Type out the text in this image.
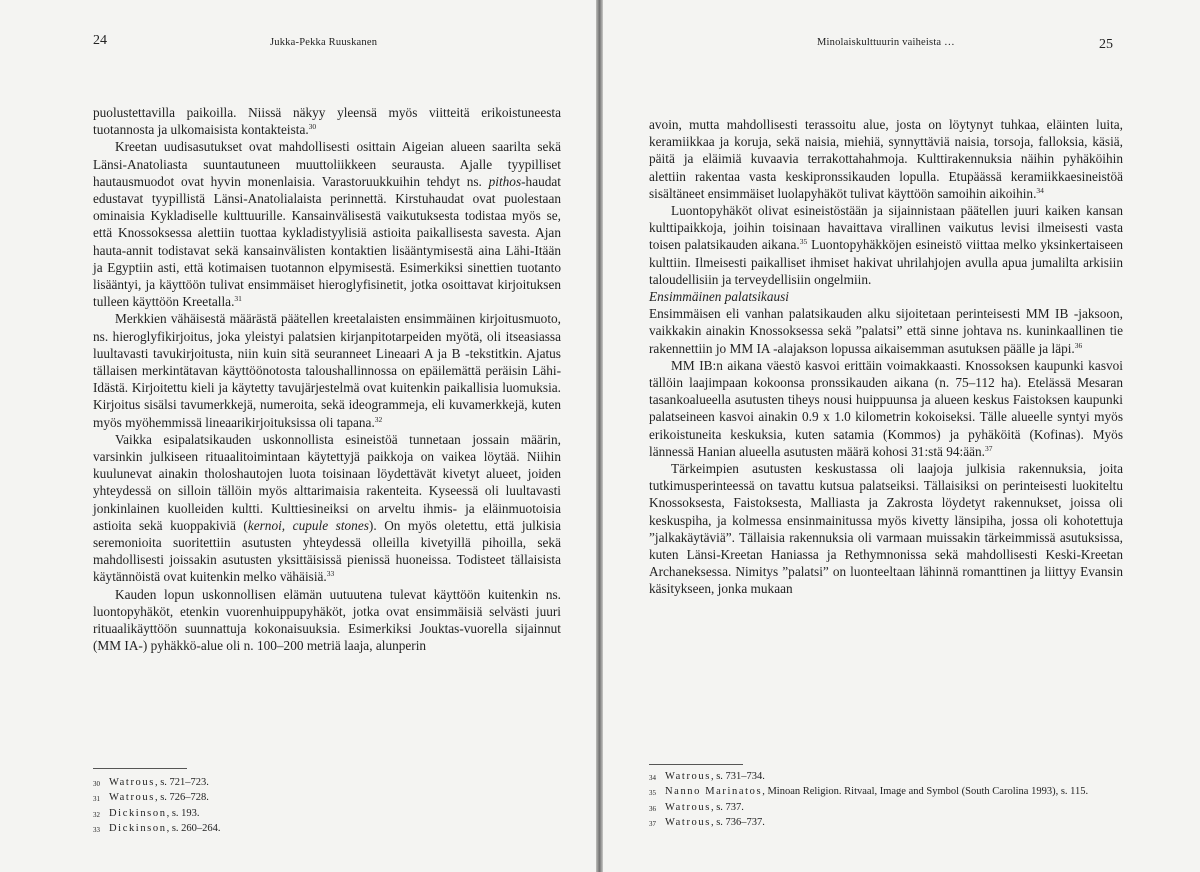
24	Jukka-Pekka Ruuskanen

puolustettavilla paikoilla. Niissä näkyy yleensä myös viitteitä erikoistuneesta tuotannosta ja ulkomaisista kontakteista.$^{30}$

Kreetan uudisasutukset ovat mahdollisesti osittain Aigeian alueen saarilta sekä Länsi-Anatoliasta suuntautuneen muuttoliikkeen seurausta. Ajalle tyypilliset hautausmuodot ovat hyvin monenlaisia. Varastoruukkuihin tehdyt ns. pithos-haudat edustavat tyypillistä Länsi-Anatolialaista perinnettä. Kirstuhaudat ovat puolestaan ominaisia Kykladiselle kulttuurille. Kansainvälisestä vaikutuksesta todistaa myös se, että Knossoksessa alettiin tuottaa kykladistyylisiä astioita paikallisesta savesta. Ajan hauta-annit todistavat sekä kansainvälisten kontaktien lisääntymisestä aina Lähi-Itään ja Egyptiin asti, että kotimaisen tuotannon elpymisestä. Esimerkiksi sinettien tuotanto lisääntyi, ja käyttöön tulivat ensimmäiset hieroglyfisinetit, jotka osoittavat kirjoituksen tulleen käyttöön Kreetalla.$^{31}$

Merkkien vähäisestä määrästä päätellen kreetalaisten ensimmäinen kirjoitusmuoto, ns. hieroglyfikirjoitus, joka yleistyi palatsien kirjanpitotarpeiden myötä, oli itseasiassa luultavasti tavukirjoitusta, niin kuin sitä seuranneet Lineaari A ja B -tekstitkin. Ajatus tällaisen merkintätavan käyttöönotosta taloushallinnossa on epäilemättä peräisin Lähi-Idästä. Kirjoitettu kieli ja käytetty tavujärjestelmä ovat kuitenkin paikallisia luomuksia. Kirjoitus sisälsi tavumerkkejä, numeroita, sekä ideogrammeja, eli kuvamerkkejä, kuten myös myöhemmissä lineaarikirjoituksissa oli tapana.$^{32}$

Vaikka esipalatsikauden uskonnollista esineistöä tunnetaan jossain määrin, varsinkin julkiseen rituaalitoimintaan käytettyjä paikkoja on vaikea löytää. Niihin kuulunevat ainakin tholoshautojen luota toisinaan löydettävät kivetyt alueet, joiden yhteydessä on silloin tällöin myös alttarimaisia rakenteita. Kyseessä oli luultavasti jonkinlainen kuolleiden kultti. Kulttiesineiksi on arveltu ihmis- ja eläinmuotoisia astioita sekä kuoppakiviä (kernoi, cupule stones). On myös oletettu, että julkisia seremonioita suoritettiin asutusten yhteydessä olleilla kivetyillä pihoilla, sekä mahdollisesti joissakin asutusten yksittäisissä pienissä huoneissa. Todisteet tällaisista käytännöistä ovat kuitenkin melko vähäisiä.$^{33}$

Kauden lopun uskonnollisen elämän uutuutena tulevat käyttöön kuitenkin ns. luontopyhäköt, etenkin vuorenhuippupyhäköt, jotka ovat ensimmäisiä selvästi juuri rituaalikäyttöön suunnattuja kokonaisuuksia. Esimerkiksi Jouktas-vuorella sijainnut (MM IA-) pyhäkkö-alue oli n. 100–200 metriä laaja, alunperin

30 Watrous, s. 721–723.
31 Watrous, s. 726–728.
32 Dickinson, s. 193.
33 Dickinson, s. 260–264.
Minolaiskulttuurin vaiheista …	25

avoin, mutta mahdollisesti terassoitu alue, josta on löytynyt tuhkaa, eläinten luita, keramiikkaa ja koruja, sekä naisia, miehiä, synnyttäviä naisia, torsoja, falloksia, käsiä, päitä ja eläimiä kuvaavia terrakottahahmoja. Kulttirakennuksia näihin pyhäköihin alettiin rakentaa vasta keskipronssikauden lopulla. Etupäässä keramiikkaesineistöä sisältäneet ensimmäiset luolapyhäköt tulivat käyttöön samoihin aikoihin.$^{34}$

Luontopyhäköt olivat esineistöstään ja sijainnistaan päätellen juuri kaiken kansan kulttipaikkoja, joihin toisinaan havaittava virallinen vaikutus levisi ilmeisesti vasta toisen palatsikauden aikana.$^{35}$ Luontopyhäkköjen esineistö viittaa melko yksinkertaiseen kulttiin. Ilmeisesti paikalliset ihmiset hakivat uhrilahjojen avulla apua jumalilta arkisiin taloudellisiin ja terveydellisiin ongelmiin.

Ensimmäinen palatsikausi

Ensimmäisen eli vanhan palatsikauden alku sijoitetaan perinteisesti MM IB -jaksoon, vaikkakin ainakin Knossoksessa sekä ”palatsi” että sinne johtava ns. kuninkaallinen tie rakennettiin jo MM IA -alajakson lopussa aikaisemman asutuksen päälle ja läpi.$^{36}$

MM IB:n aikana väestö kasvoi erittäin voimakkaasti. Knossoksen kaupunki kasvoi tällöin laajimpaan kokoonsa pronssikauden aikana (n. 75–112 ha). Etelässä Mesaran tasankoalueella asutusten tiheys nousi huippuunsa ja alueen keskus Faistoksen kaupunki palatseineen kasvoi ainakin 0.9 x 1.0 kilometrin kokoiseksi. Tälle alueelle syntyi myös erikoistuneita keskuksia, kuten satamia (Kommos) ja pyhäköitä (Kofinas). Myös lännessä Hanian alueella asutusten määrä kohosi 31:stä 94:ään.$^{37}$

Tärkeimpien asutusten keskustassa oli laajoja julkisia rakennuksia, joita tutkimusperinteessä on tavattu kutsua palatseiksi. Tällaisiksi on perinteisesti luokiteltu Knossoksesta, Faistoksesta, Malliasta ja Zakrosta löydetyt rakennukset, joissa oli keskuspiha, ja kolmessa ensinmainitussa myös kivetty länsipiha, jossa oli kohotettuja ”jalkakäytäviä”. Tällaisia rakennuksia oli varmaan muissakin tärkeimmissä asutuksissa, kuten Länsi-Kreetan Haniassa ja Rethymnonissa sekä mahdollisesti Keski-Kreetan Archaneksessa. Nimitys ”palatsi” on luonteeltaan lähinnä romanttinen ja liittyy Evansin käsitykseen, jonka mukaan

34 Watrous, s. 731–734.
35 Nanno Marinatos, Minoan Religion. Ritvaal, Image and Symbol (South Carolina 1993), s. 115.
36 Watrous, s. 737.
37 Watrous, s. 736–737.
